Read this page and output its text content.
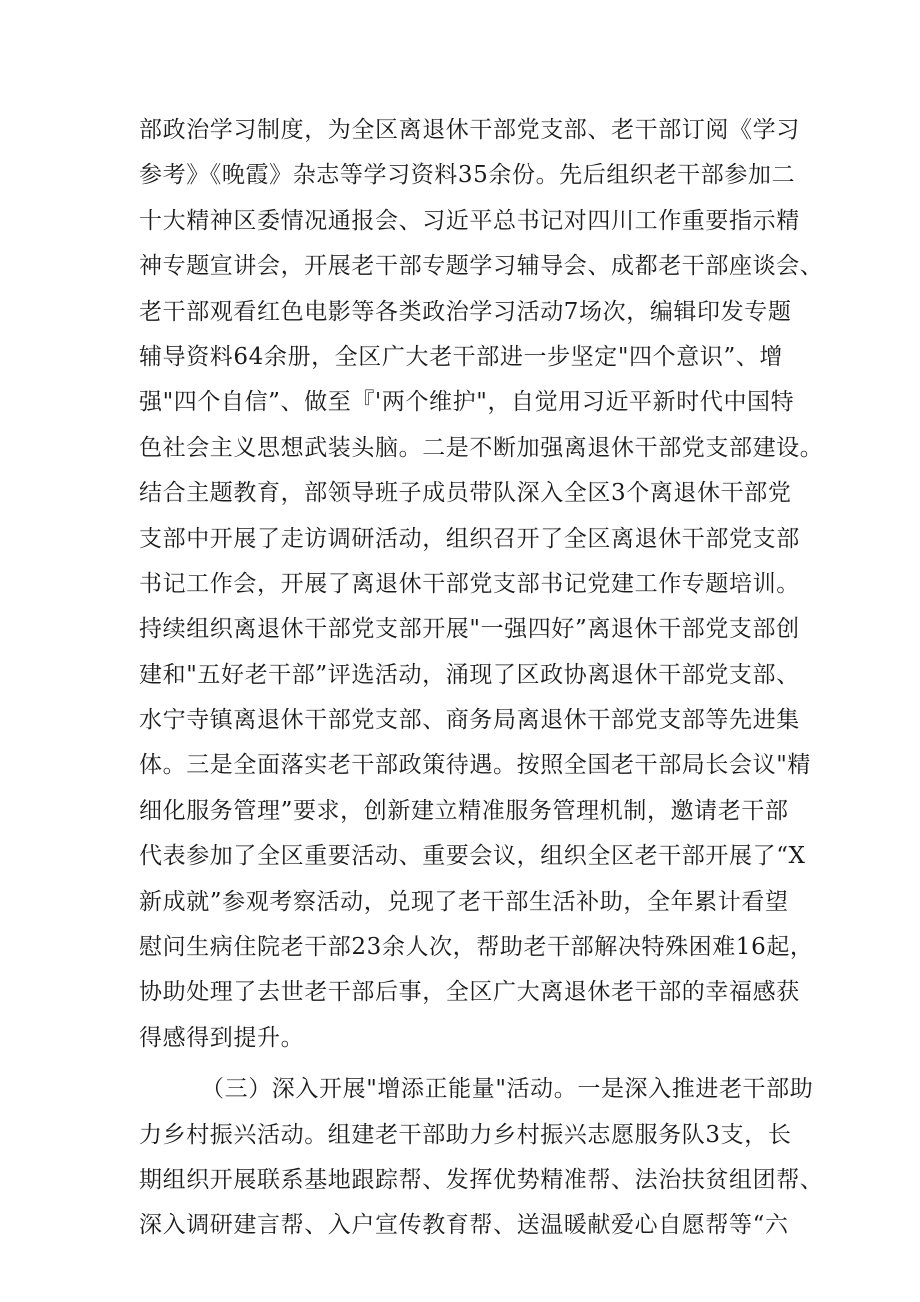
部政治学习制度，为全区离退休干部党支部、老干部订阅《学习
参考》《晚霞》杂志等学习资料35余份。先后组织老干部参加二
十大精神区委情况通报会、习近平总书记对四川工作重要指示精
神专题宣讲会，开展老干部专题学习辅导会、成都老干部座谈会、
老干部观看红色电影等各类政治学习活动7场次，编辑印发专题
辅导资料64余册，全区广大老干部进一步坚定"四个意识”、增
强"四个自信”、做至『'两个维护"，自觉用习近平新时代中国特
色社会主义思想武装头脑。二是不断加强离退休干部党支部建设。
结合主题教育，部领导班子成员带队深入全区3个离退休干部党
支部中开展了走访调研活动，组织召开了全区离退休干部党支部
书记工作会，开展了离退休干部党支部书记党建工作专题培训。
持续组织离退休干部党支部开展"一强四好”离退休干部党支部创
建和"五好老干部”评选活动，涌现了区政协离退休干部党支部、
水宁寺镇离退休干部党支部、商务局离退休干部党支部等先进集
体。三是全面落实老干部政策待遇。按照全国老干部局长会议"精
细化服务管理”要求，创新建立精准服务管理机制，邀请老干部
代表参加了全区重要活动、重要会议，组织全区老干部开展了“X
新成就”参观考察活动，兑现了老干部生活补助，全年累计看望
慰问生病住院老干部23余人次，帮助老干部解决特殊困难16起，
协助处理了去世老干部后事，全区广大离退休老干部的幸福感获
得感得到提升。
（三）深入开展"增添正能量"活动。一是深入推进老干部助
力乡村振兴活动。组建老干部助力乡村振兴志愿服务队3支，长
期组织开展联系基地跟踪帮、发挥优势精准帮、法治扶贫组团帮、
深入调研建言帮、入户宣传教育帮、送温暖献爱心自愿帮等“六
